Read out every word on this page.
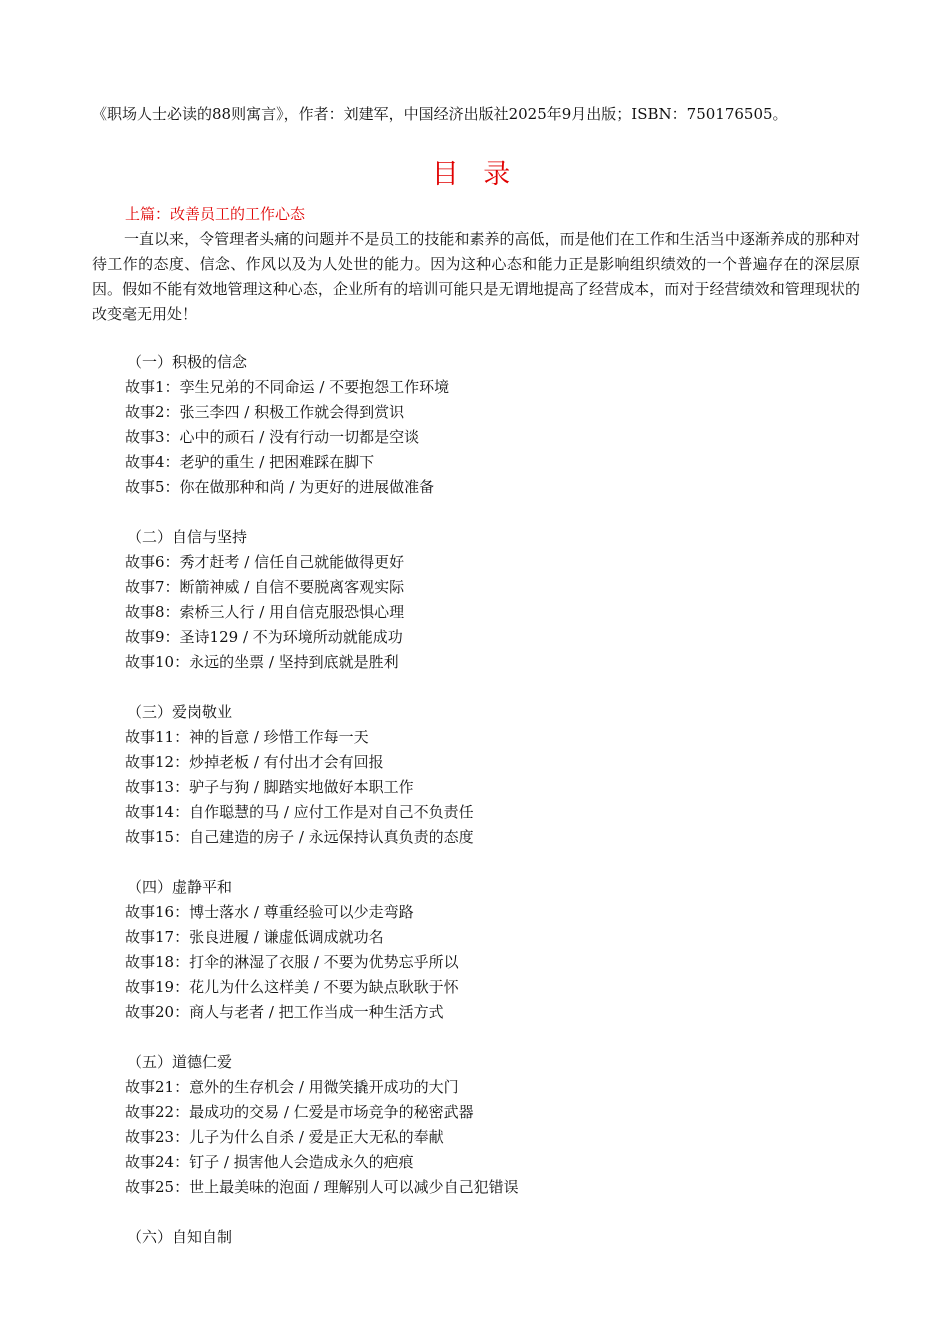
《职场人士必读的88则寓言》，作者：刘建军，中国经济出版社2025年9月出版；ISBN：750176505。
目 录
上篇：改善员工的工作心态
一直以来，令管理者头痛的问题并不是员工的技能和素养的高低，而是他们在工作和生活当中逐渐养成的那种对待工作的态度、信念、作风以及为人处世的能力。因为这种心态和能力正是影响组织绩效的一个普遍存在的深层原因。假如不能有效地管理这种心态，企业所有的培训可能只是无谓地提高了经营成本，而对于经营绩效和管理现状的改变毫无用处！
（一）积极的信念
故事1：孪生兄弟的不同命运 / 不要抱怨工作环境
故事2：张三李四 / 积极工作就会得到赏识
故事3：心中的顽石 / 没有行动一切都是空谈
故事4：老驴的重生 / 把困难踩在脚下
故事5：你在做那种和尚 / 为更好的进展做准备
（二）自信与坚持
故事6：秀才赶考 / 信任自己就能做得更好
故事7：断箭神威 / 自信不要脱离客观实际
故事8：索桥三人行 / 用自信克服恐惧心理
故事9：圣诗129 / 不为环境所动就能成功
故事10：永远的坐票 / 坚持到底就是胜利
（三）爱岗敬业
故事11：神的旨意 / 珍惜工作每一天
故事12：炒掉老板 / 有付出才会有回报
故事13：驴子与狗 / 脚踏实地做好本职工作
故事14：自作聪慧的马 / 应付工作是对自己不负责任
故事15：自己建造的房子 / 永远保持认真负责的态度
（四）虚静平和
故事16：博士落水 / 尊重经验可以少走弯路
故事17：张良进履 / 谦虚低调成就功名
故事18：打伞的淋湿了衣服 / 不要为优势忘乎所以
故事19：花儿为什么这样美 / 不要为缺点耿耿于怀
故事20：商人与老者 / 把工作当成一种生活方式
（五）道德仁爱
故事21：意外的生存机会 / 用微笑撬开成功的大门
故事22：最成功的交易 / 仁爱是市场竞争的秘密武器
故事23：儿子为什么自杀 / 爱是正大无私的奉献
故事24：钉子 / 损害他人会造成永久的疤痕
故事25：世上最美味的泡面 / 理解别人可以减少自己犯错误
（六）自知自制
